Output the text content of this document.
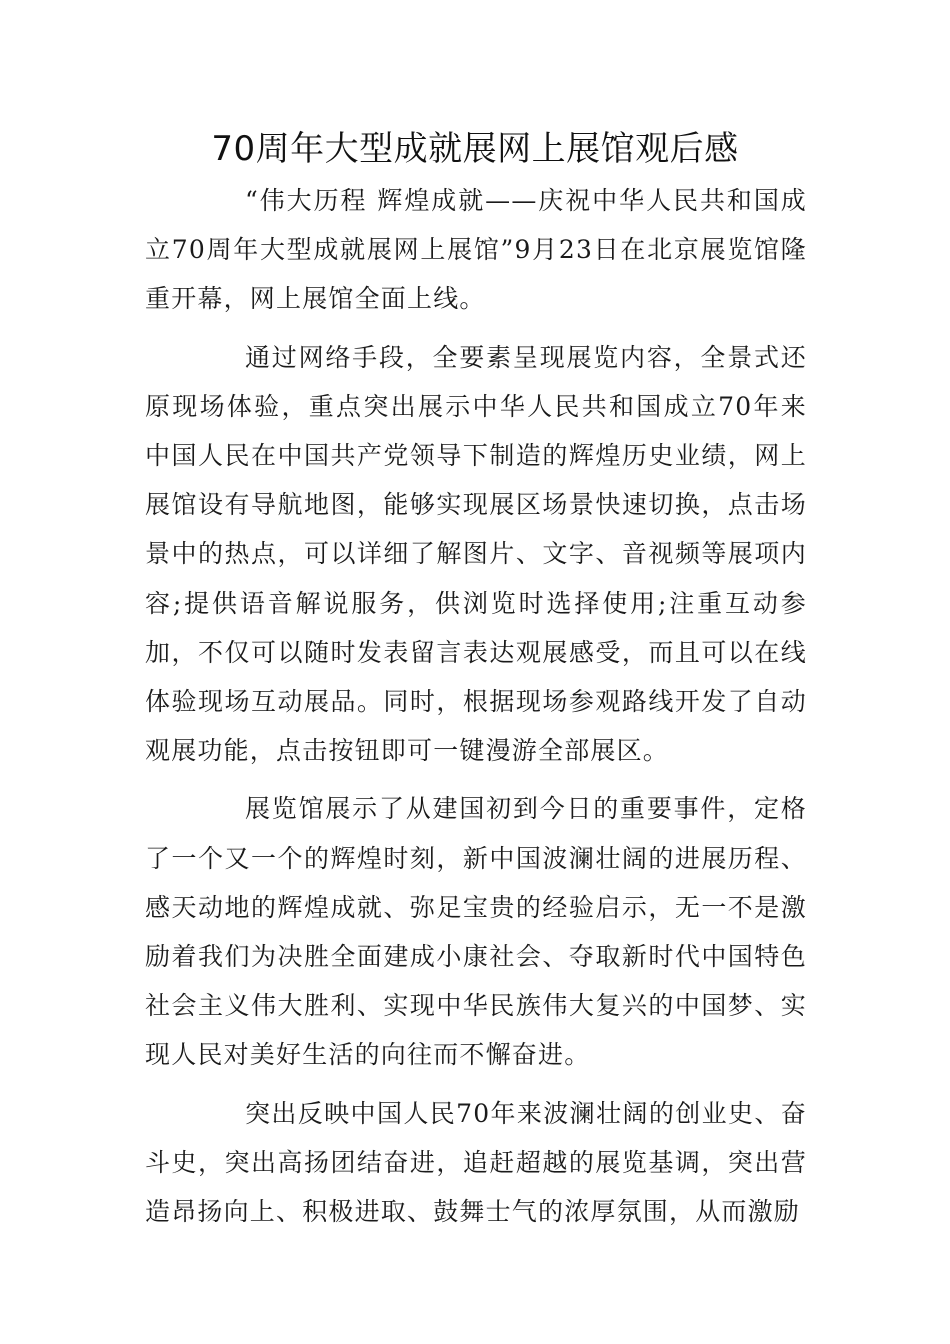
70周年大型成就展网上展馆观后感

“伟大历程 辉煌成就——庆祝中华人民共和国成立70周年大型成就展网上展馆”9月23日在北京展览馆隆重开幕，网上展馆全面上线。

通过网络手段，全要素呈现展览内容，全景式还原现场体验，重点突出展示中华人民共和国成立70年来中国人民在中国共产党领导下制造的辉煌历史业绩，网上展馆设有导航地图，能够实现展区场景快速切换，点击场景中的热点，可以详细了解图片、文字、音视频等展项内容;提供语音解说服务，供浏览时选择使用;注重互动参加，不仅可以随时发表留言表达观展感受，而且可以在线体验现场互动展品。同时，根据现场参观路线开发了自动观展功能，点击按钮即可一键漫游全部展区。

展览馆展示了从建国初到今日的重要事件，定格了一个又一个的辉煌时刻，新中国波澜壮阔的进展历程、感天动地的辉煌成就、弥足宝贵的经验启示，无一不是激励着我们为决胜全面建成小康社会、夺取新时代中国特色社会主义伟大胜利、实现中华民族伟大复兴的中国梦、实现人民对美好生活的向往而不懈奋进。

突出反映中国人民70年来波澜壮阔的创业史、奋斗史，突出高扬团结奋进，追赶超越的展览基调，突出营造昂扬向上、积极进取、鼓舞士气的浓厚氛围，从而激励
